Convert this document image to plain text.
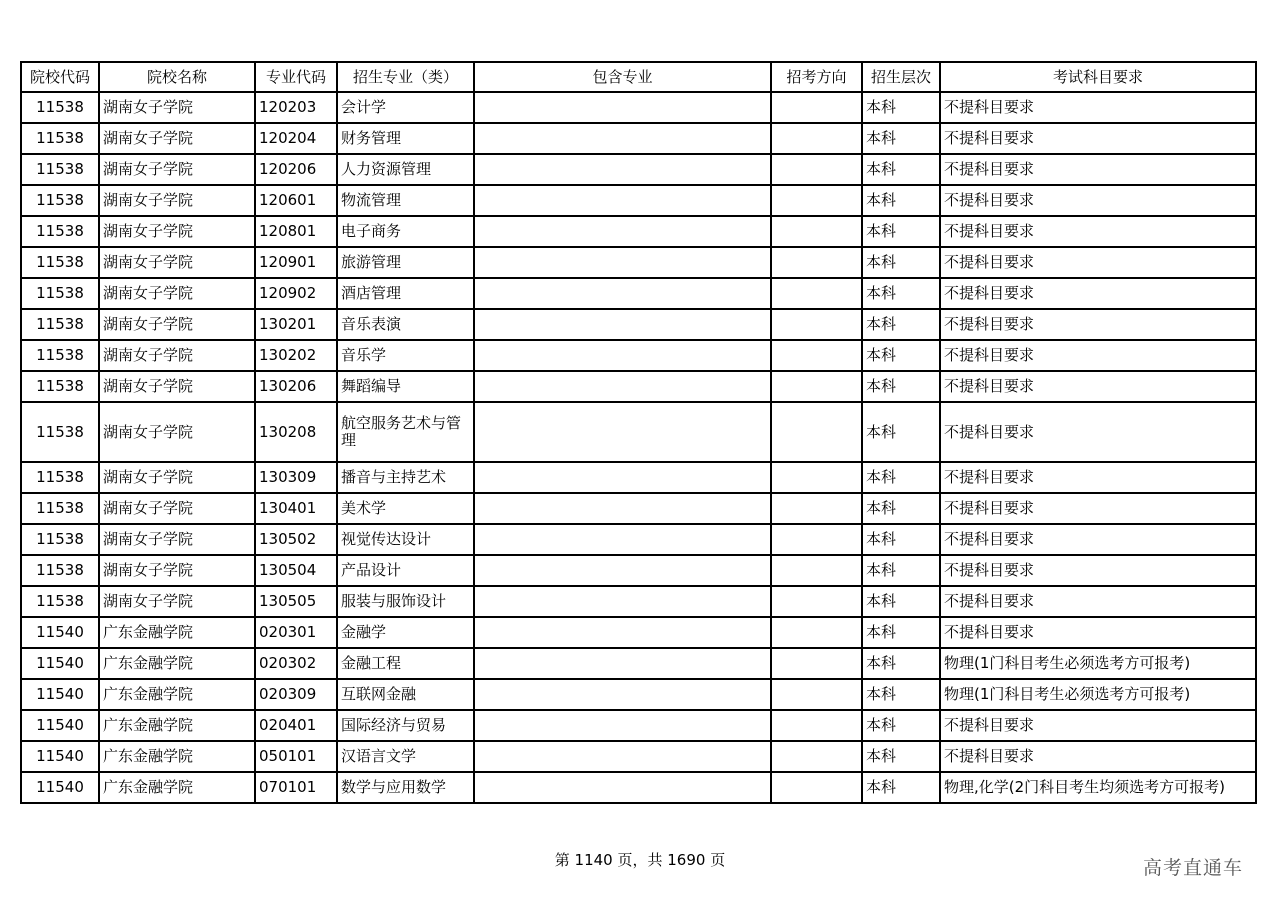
院校代码	院校名称	专业代码	招生专业（类）	包含专业	招考方向	招生层次	考试科目要求
11538	湖南女子学院	120203	会计学			本科	不提科目要求
11538	湖南女子学院	120204	财务管理			本科	不提科目要求
11538	湖南女子学院	120206	人力资源管理			本科	不提科目要求
11538	湖南女子学院	120601	物流管理			本科	不提科目要求
11538	湖南女子学院	120801	电子商务			本科	不提科目要求
11538	湖南女子学院	120901	旅游管理			本科	不提科目要求
11538	湖南女子学院	120902	酒店管理			本科	不提科目要求
11538	湖南女子学院	130201	音乐表演			本科	不提科目要求
11538	湖南女子学院	130202	音乐学			本科	不提科目要求
11538	湖南女子学院	130206	舞蹈编导			本科	不提科目要求
11538	湖南女子学院	130208	航空服务艺术与管理			本科	不提科目要求
11538	湖南女子学院	130309	播音与主持艺术			本科	不提科目要求
11538	湖南女子学院	130401	美术学			本科	不提科目要求
11538	湖南女子学院	130502	视觉传达设计			本科	不提科目要求
11538	湖南女子学院	130504	产品设计			本科	不提科目要求
11538	湖南女子学院	130505	服装与服饰设计			本科	不提科目要求
11540	广东金融学院	020301	金融学			本科	不提科目要求
11540	广东金融学院	020302	金融工程			本科	物理(1门科目考生必须选考方可报考)
11540	广东金融学院	020309	互联网金融			本科	物理(1门科目考生必须选考方可报考)
11540	广东金融学院	020401	国际经济与贸易			本科	不提科目要求
11540	广东金融学院	050101	汉语言文学			本科	不提科目要求
11540	广东金融学院	070101	数学与应用数学			本科	物理,化学(2门科目考生均须选考方可报考)
第 1140 页，共 1690 页	高考直通车
